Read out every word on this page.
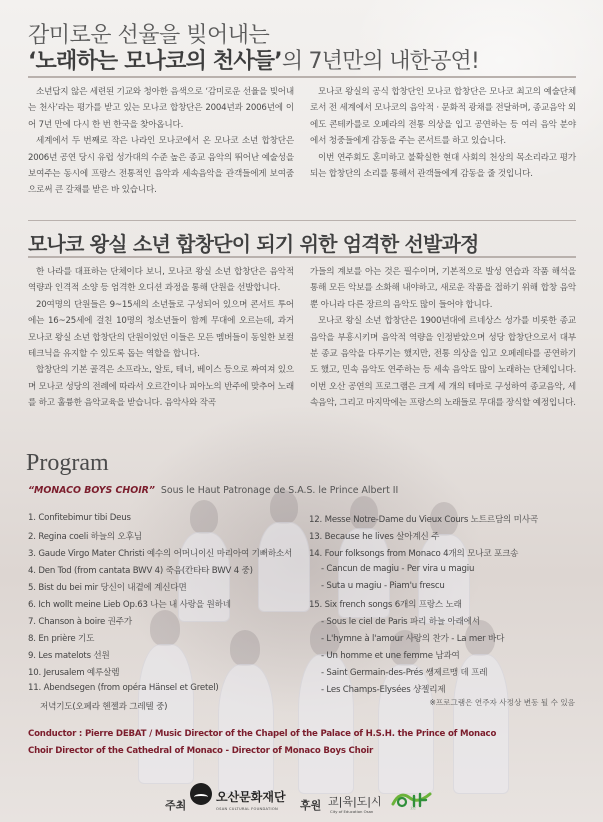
감미로운 선율을 빚어내는
‘노래하는 모나코의 천사들’의 7년만의 내한공연!

소년답지 않은 세련된 기교와 청아한 음색으로 ‘감미로운 선율을 빚어내는 천사’라는 평가를 받고 있는 모나코 합창단은 2004년과 2006년에 이어 7년 만에 다시 한 번 한국을 찾아옵니다.

세계에서 두 번째로 작은 나라인 모나코에서 온 모나코 소년 합창단은 2006년 공연 당시 유럽 성가대의 수준 높은 종교 음악의 뛰어난 예술성을 보여주는 동시에 프랑스 전통적인 음악과 세속음악을 관객들에게 보여줌으로써 큰 갈채를 받은 바 있습니다.

모나코 왕실의 공식 합창단인 모나코 합창단은 모나코 최고의 예술단체로서 전 세계에서 모나코의 음악적 · 문화적 광채를 전달하며, 종교음악 외에도 콘테카를로 오페라의 전통 의상을 입고 공연하는 등 여러 음악 분야에서 청중들에게 감동을 주는 콘서트를 하고 있습니다.

이번 연주회도 혼미하고 불확실한 현대 사회의 천상의 목소리라고 평가되는 합창단의 소리를 통해서 관객들에게 감동을 줄 것입니다.

모나코 왕실 소년 합창단이 되기 위한 엄격한 선발과정

한 나라를 대표하는 단체이다 보니, 모나코 왕실 소년 합창단은 음악적 역량과 인격적 소양 등 엄격한 오디션 과정을 통해 단원을 선발합니다.

20여명의 단원들은 9~15세의 소년들로 구성되어 있으며 콘서트 투어에는 16~25세에 걸친 10명의 청소년들이 함께 무대에 오르는데, 과거 모나코 왕실 소년 합창단의 단원이었던 이들은 모든 멤버들이 동일한 보컬 테크닉을 유지할 수 있도록 돕는 역할을 합니다.

합창단의 기본 골격은 소프라노, 알토, 테너, 베이스 등으로 짜여져 있으며 모나코 성당의 전례에 따라서 오르간이나 피아노의 반주에 맞추어 노래를 하고 훌륭한 음악교육을 받습니다. 음악사와 작곡

가들의 계보를 아는 것은 필수이며, 기본적으로 발성 연습과 작품 해석을 통해 모든 악보를 소화해 내야하고, 새로운 작품을 접하기 위해 합창 음악뿐 아니라 다른 장르의 음악도 많이 들어야 합니다.

모나코 왕실 소년 합창단은 1900년대에 르네상스 성가를 비롯한 종교 음악을 부흥시키며 음악적 역량을 인정받았으며 성당 합창단으로서 대부분 종교 음악을 다루기는 했지만, 전통 의상을 입고 오페레타를 공연하기도 했고, 민속 음악도 연주하는 등 세속 음악도 많이 노래하는 단체입니다. 이번 오산 공연의 프로그램은 크게 세 개의 테마로 구성하여 종교음악, 세속음악, 그리고 마지막에는 프랑스의 노래들로 무대를 장식할 예정입니다.

Program
“MONACO BOYS CHOIR” Sous le Haut Patronage de S.A.S. le Prince Albert II
1. Confitebimur tibi Deus
2. Regina coeli 하늘의 오후님
3. Gaude Virgo Mater Christi 예수의 어머니이신 마리아여 기뻐하소서
4. Den Tod (from cantata BWV 4) 죽음(칸타타 BWV 4 중)
5. Bist du bei mir 당신이 내곁에 계신다면
6. Ich wollt meine Lieb Op.63 나는 내 사랑을 원하네
7. Chanson à boire 권주가
8. En prière 기도
9. Les matelots 선원
10. Jerusalem 예루살렘
11. Abendsegen (from opéra Hänsel et Gretel)
저녁기도(오페라 헨젤과 그레텔 중)
12. Messe Notre-Dame du Vieux Cours 노트르담의 미사곡
13. Because he lives 살아계신 주
14. Four folksongs from Monaco 4개의 모나코 포크송
- Cancun de magiu - Per vira u magiu
- Suta u magiu - Piam'u frescu
15. Six french songs 6개의 프랑스 노래
- Sous le ciel de Paris 파리 하늘 아래에서
- L'hymne à l'amour 사랑의 찬가 - La mer 바다
- Un homme et une femme 남과여
- Saint Germain-des-Prés 쌩제르맹 데 프레
- Les Champs-Elysées 샹젤리제
※프로그램은 연주자 사정상 변동 될 수 있음
Conductor : Pierre DEBAT / Music Director of the Chapel of the Palace of H.S.H. the Prince of Monaco
Choir Director of the Cathedral of Monaco - Director of Monaco Boys Choir
주최
오산문화재단
OSAN CULTURAL FOUNDATION 후원 교|육|도|시
City of Education Osan
오산
